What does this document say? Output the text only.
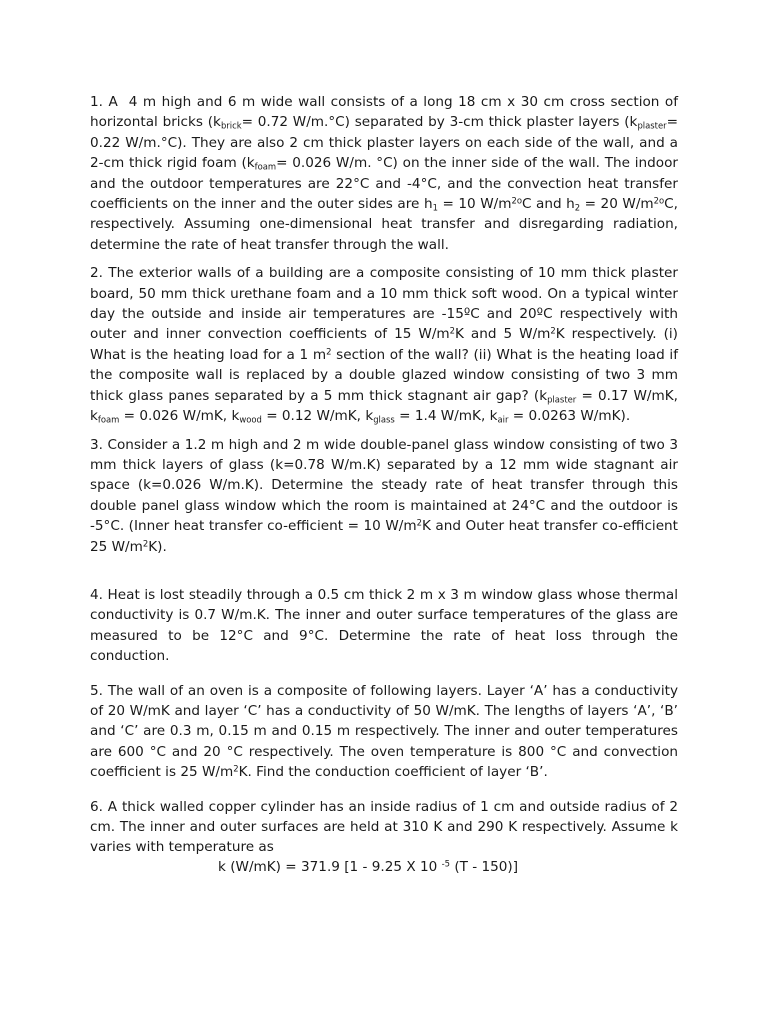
1. A  4 m high and 6 m wide wall consists of a long 18 cm x 30 cm cross section of horizontal bricks ($k_{brick}= 0.72$ W/m.°C) separated by 3-cm thick plaster layers ($k_{plaster}= 0.22$ W/m.°C). They are also 2 cm thick plaster layers on each side of the wall, and a 2-cm thick rigid foam ($k_{foam}= 0.026$ W/m. °C) on the inner side of the wall. The indoor and the outdoor temperatures are 22°C and -4°C, and the convection heat transfer coefficients on the inner and the outer sides are $h_1 = 10$ $W/m^{2o}C$ and $h_2 = 20$ $W/m^{2o}C$, respectively. Assuming one-dimensional heat transfer and disregarding radiation, determine the rate of heat transfer through the wall.

2. The exterior walls of a building are a composite consisting of 10 mm thick plaster board, 50 mm thick urethane foam and a 10 mm thick soft wood. On a typical winter day the outside and inside air temperatures are -15ºC and 20ºC respectively with outer and inner convection coefficients of 15 $W/m^2K$ and 5 $W/m^2K$ respectively. (i) What is the heating load for a 1 $m^2$ section of the wall? (ii) What is the heating load if the composite wall is replaced by a double glazed window consisting of two 3 mm thick glass panes separated by a 5 mm thick stagnant air gap? ($k_{plaster} = 0.17$ W/mK, $k_{foam} = 0.026$ W/mK, $k_{wood} = 0.12$ W/mK, $k_{glass} = 1.4$ W/mK, $k_{air} = 0.0263$ W/mK).

3. Consider a 1.2 m high and 2 m wide double-panel glass window consisting of two 3 mm thick layers of glass (k=0.78 W/m.K) separated by a 12 mm wide stagnant air space (k=0.026 W/m.K). Determine the steady rate of heat transfer through this double panel glass window which the room is maintained at 24°C and the outdoor is -5°C. (Inner heat transfer co-efficient = 10 $W/m^2K$ and Outer heat transfer co-efficient 25 $W/m^2K$).

4. Heat is lost steadily through a 0.5 cm thick 2 m x 3 m window glass whose thermal conductivity is 0.7 W/m.K. The inner and outer surface temperatures of the glass are measured to be 12°C and 9°C. Determine the rate of heat loss through the conduction.

5. The wall of an oven is a composite of following layers. Layer ‘A’ has a conductivity of 20 W/mK and layer ‘C’ has a conductivity of 50 W/mK. The lengths of layers ‘A’, ‘B’ and ‘C’ are 0.3 m, 0.15 m and 0.15 m respectively. The inner and outer temperatures are 600 °C and 20 °C respectively. The oven temperature is 800 °C and convection coefficient is 25 $W/m^2K$. Find the conduction coefficient of layer ‘B’.

6. A thick walled copper cylinder has an inside radius of 1 cm and outside radius of 2 cm. The inner and outer surfaces are held at 310 K and 290 K respectively. Assume k varies with temperature as

k (W/mK) = 371.9 [1 - 9.25 X 10 $^{-5}$ (T - 150)]
